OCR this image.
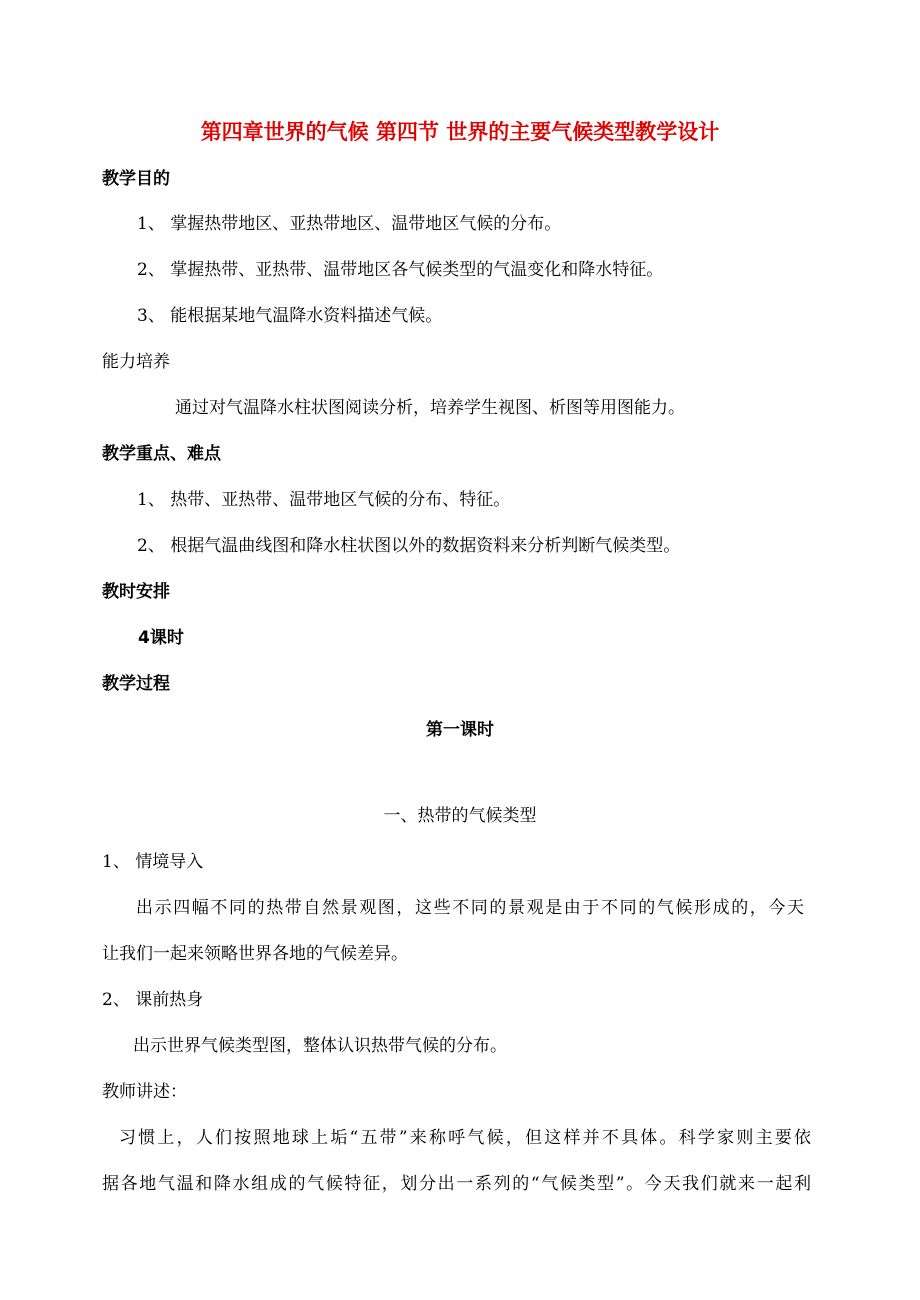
第四章世界的气候 第四节 世界的主要气候类型教学设计
教学目的
1、 掌握热带地区、亚热带地区、温带地区气候的分布。
2、 掌握热带、亚热带、温带地区各气候类型的气温变化和降水特征。
3、 能根据某地气温降水资料描述气候。
能力培养
通过对气温降水柱状图阅读分析，培养学生视图、析图等用图能力。
教学重点、难点
1、 热带、亚热带、温带地区气候的分布、特征。
2、 根据气温曲线图和降水柱状图以外的数据资料来分析判断气候类型。
教时安排
4课时
教学过程
第一课时
一、热带的气候类型
1、 情境导入
出示四幅不同的热带自然景观图，这些不同的景观是由于不同的气候形成的，今天
让我们一起来领略世界各地的气候差异。
2、 课前热身
出示世界气候类型图，整体认识热带气候的分布。
教师讲述：
习惯上，人们按照地球上垢“五带”来称呼气候，但这样并不具体。科学家则主要依
据各地气温和降水组成的气候特征，划分出一系列的“气候类型”。今天我们就来一起利
